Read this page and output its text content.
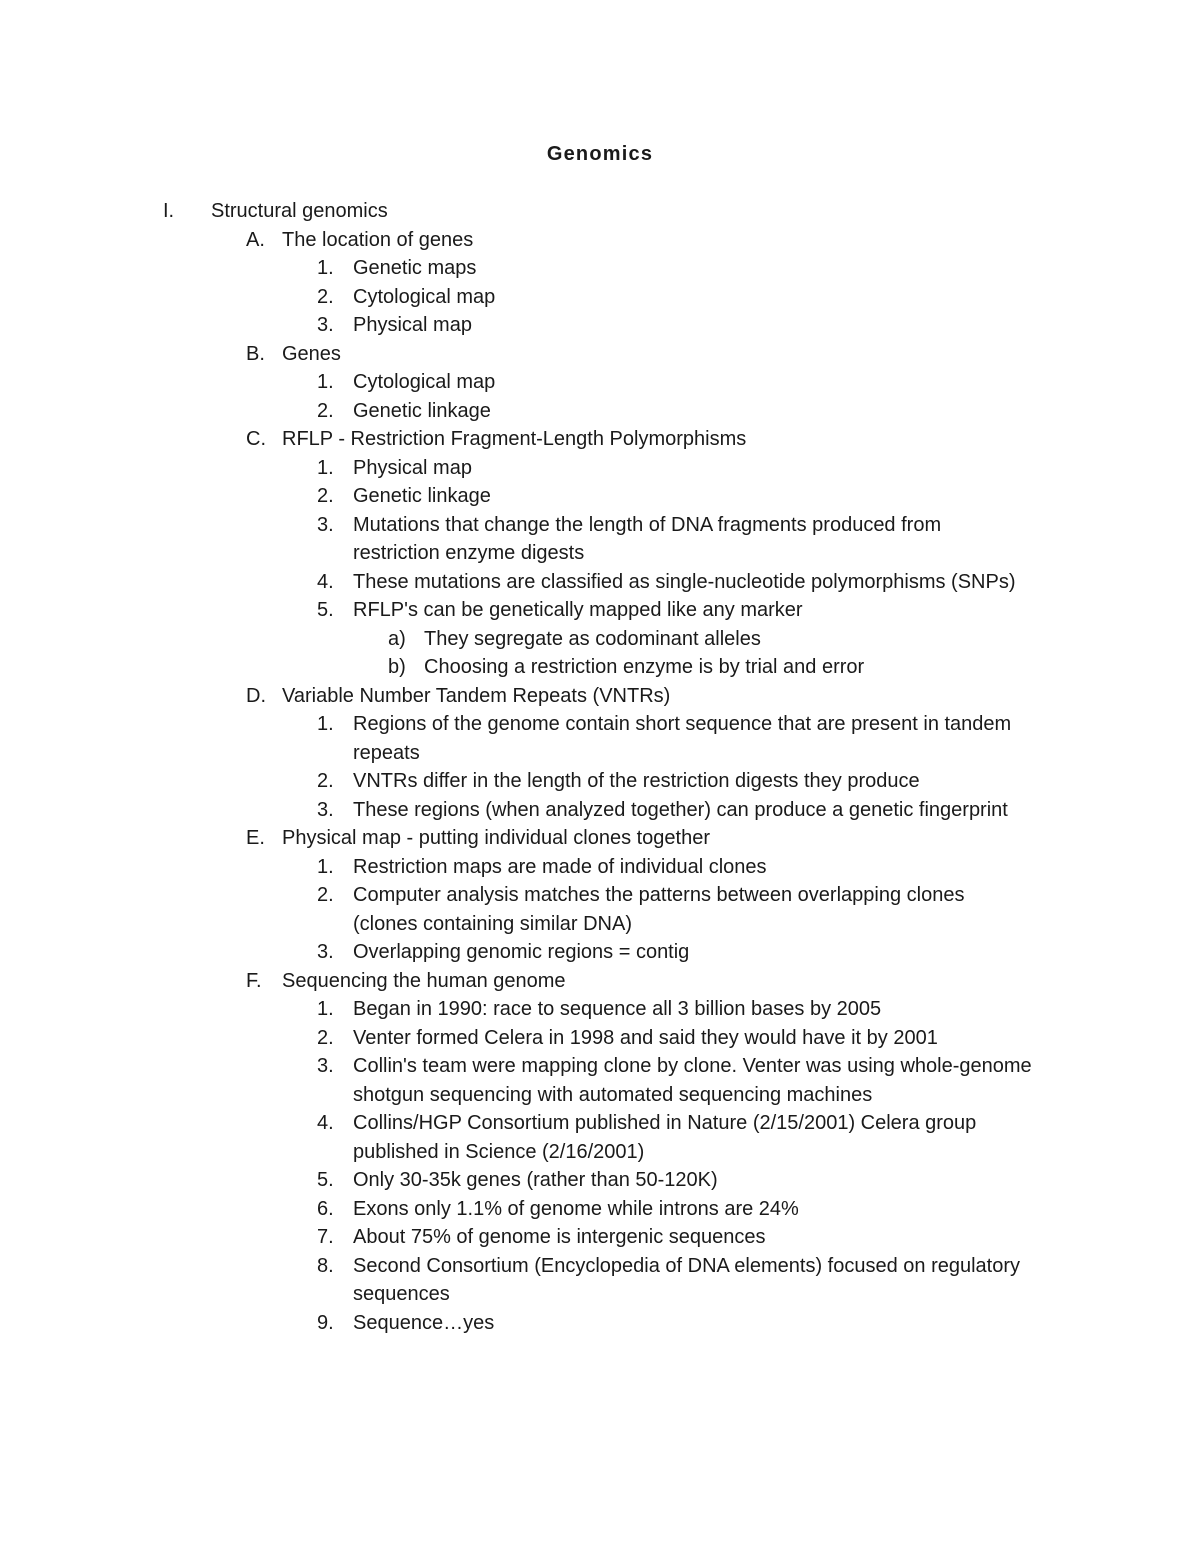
Genomics
I.	Structural genomics
A. The location of genes
1. Genetic maps
2. Cytological map
3. Physical map
B. Genes
1. Cytological map
2. Genetic linkage
C. RFLP - Restriction Fragment-Length Polymorphisms
1. Physical map
2. Genetic linkage
3. Mutations that change the length of DNA fragments produced from restriction enzyme digests
4. These mutations are classified as single-nucleotide polymorphisms (SNPs)
5. RFLP's can be genetically mapped like any marker
a) They segregate as codominant alleles
b) Choosing a restriction enzyme is by trial and error
D. Variable Number Tandem Repeats (VNTRs)
1. Regions of the genome contain short sequence that are present in tandem repeats
2. VNTRs differ in the length of the restriction digests they produce
3. These regions (when analyzed together) can produce a genetic fingerprint
E. Physical map - putting individual clones together
1. Restriction maps are made of individual clones
2. Computer analysis matches the patterns between overlapping clones (clones containing similar DNA)
3. Overlapping genomic regions = contig
F.	Sequencing the human genome
1. Began in 1990: race to sequence all 3 billion bases by 2005
2. Venter formed Celera in 1998 and said they would have it by 2001
3. Collin's team were mapping clone by clone. Venter was using whole-genome shotgun sequencing with automated sequencing machines
4. Collins/HGP Consortium published in Nature (2/15/2001) Celera group published in Science (2/16/2001)
5. Only 30-35k genes (rather than 50-120K)
6. Exons only 1.1% of genome while introns are 24%
7. About 75% of genome is intergenic sequences
8. Second Consortium (Encyclopedia of DNA elements) focused on regulatory sequences
9. Sequence…yes
